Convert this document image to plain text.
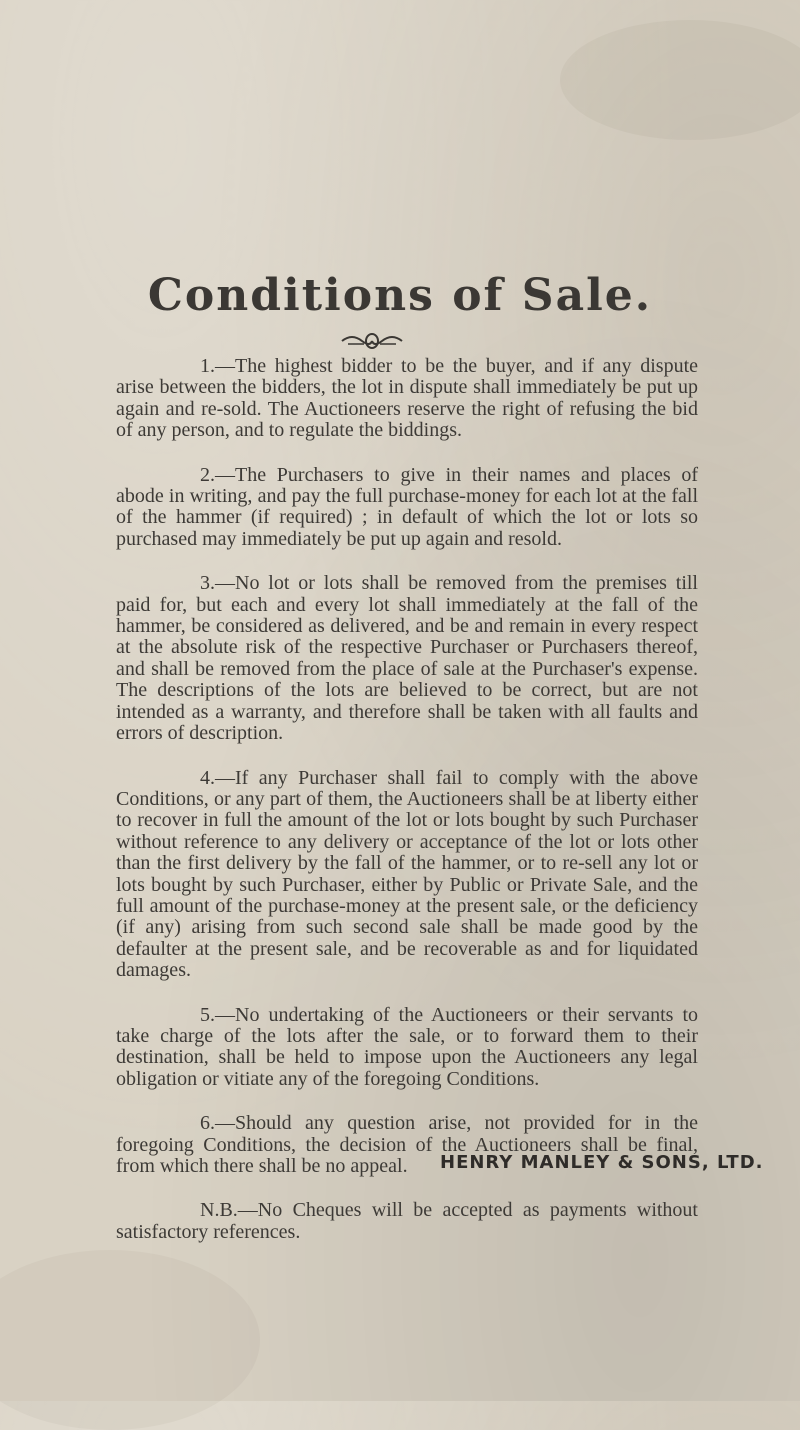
Conditions of Sale.

1.—The highest bidder to be the buyer, and if any dispute arise between the bidders, the lot in dispute shall immediately be put up again and re-sold. The Auctioneers reserve the right of refusing the bid of any person, and to regulate the biddings.

2.—The Purchasers to give in their names and places of abode in writing, and pay the full purchase-money for each lot at the fall of the hammer (if required) ; in default of which the lot or lots so purchased may immediately be put up again and resold.

3.—No lot or lots shall be removed from the premises till paid for, but each and every lot shall immediately at the fall of the hammer, be considered as delivered, and be and remain in every respect at the absolute risk of the respective Purchaser or Purchasers thereof, and shall be removed from the place of sale at the Purchaser's expense. The descriptions of the lots are believed to be correct, but are not intended as a warranty, and therefore shall be taken with all faults and errors of description.

4.—If any Purchaser shall fail to comply with the above Conditions, or any part of them, the Auctioneers shall be at liberty either to recover in full the amount of the lot or lots bought by such Purchaser without reference to any delivery or acceptance of the lot or lots other than the first delivery by the fall of the hammer, or to re-sell any lot or lots bought by such Purchaser, either by Public or Private Sale, and the full amount of the purchase-money at the present sale, or the deficiency (if any) arising from such second sale shall be made good by the defaulter at the present sale, and be recoverable as and for liquidated damages.

5.—No undertaking of the Auctioneers or their servants to take charge of the lots after the sale, or to forward them to their destination, shall be held to impose upon the Auctioneers any legal obligation or vitiate any of the foregoing Conditions.

6.—Should any question arise, not provided for in the foregoing Conditions, the decision of the Auctioneers shall be final, from which there shall be no appeal.

N.B.—No Cheques will be accepted as payments without satisfactory references.

HENRY MANLEY & SONS, LTD.
